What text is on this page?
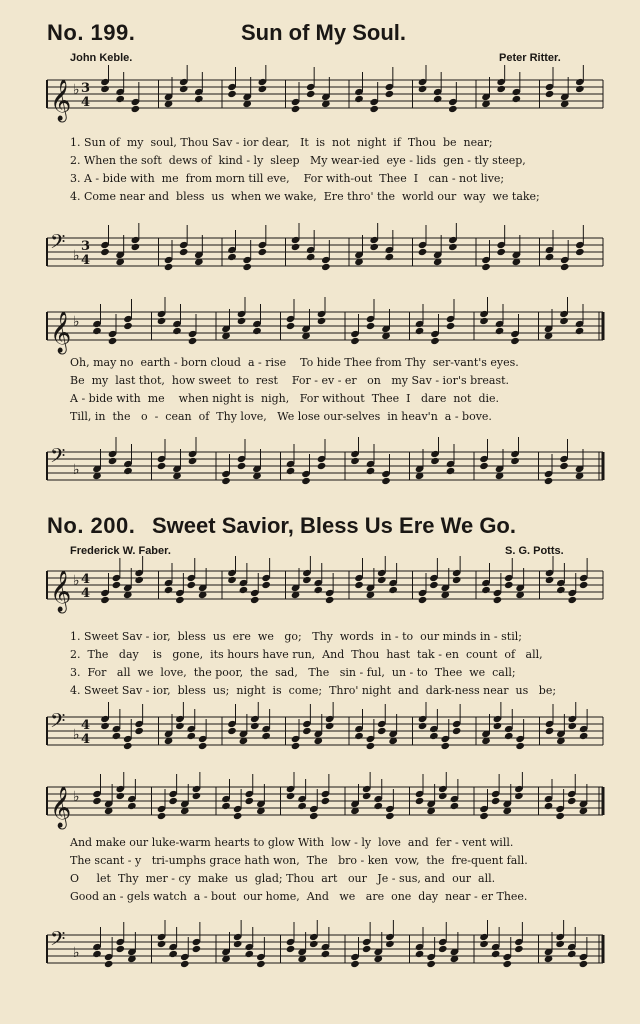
No. 199.	Sun of My Soul.
John Keble.	Peter Ritter.
𝄞 ♭ 3
4
1. Sun of  my  soul, Thou Sav - ior dear,   It  is  not  night  if  Thou  be  near;
2. When the soft  dews of  kind - ly  sleep   My wear-ied  eye - lids  gen - tly steep,
3. A - bide with  me  from morn till eve,    For with-out  Thee  I   can - not live;
4. Come near and  bless  us  when we wake,  Ere thro' the  world our  way  we take;
𝄢 ♭
3
4
𝄞 ♭
Oh, may no  earth - born cloud  a - rise    To hide Thee from Thy  ser-vant's eyes.
Be  my  last thot,  how sweet  to  rest    For - ev - er   on   my Sav - ior's breast.
A - bide with  me    when night is  nigh,   For without  Thee  I   dare  not  die.
Till, in  the   o  -  cean  of  Thy love,   We lose our-selves  in heav'n  a - bove.
𝄢 ♭
No. 200. Sweet Savior, Bless Us Ere We Go.
Frederick W. Faber.	S. G. Potts.
𝄞 ♭ 4
4
1. Sweet Sav - ior,  bless  us  ere  we   go;   Thy  words  in - to  our minds in - stil;
2.  The   day    is   gone,  its hours have run,  And  Thou  hast  tak - en  count  of   all,
3.  For   all  we  love,  the poor,  the  sad,   The   sin - ful,  un - to  Thee  we  call;
4. Sweet Sav - ior,  bless  us;  night  is  come;  Thro' night  and  dark-ness near  us   be;
𝄢 ♭
4
4
𝄞 ♭
And make our luke-warm hearts to glow With  low - ly  love  and  fer - vent will.
The scant - y   tri-umphs grace hath won,  The   bro - ken  vow,  the  fre-quent fall.
O     let  Thy  mer - cy  make  us  glad; Thou  art   our   Je - sus, and  our  all.
Good an - gels watch  a - bout  our home,  And   we   are  one  day  near - er Thee.
𝄢 ♭
